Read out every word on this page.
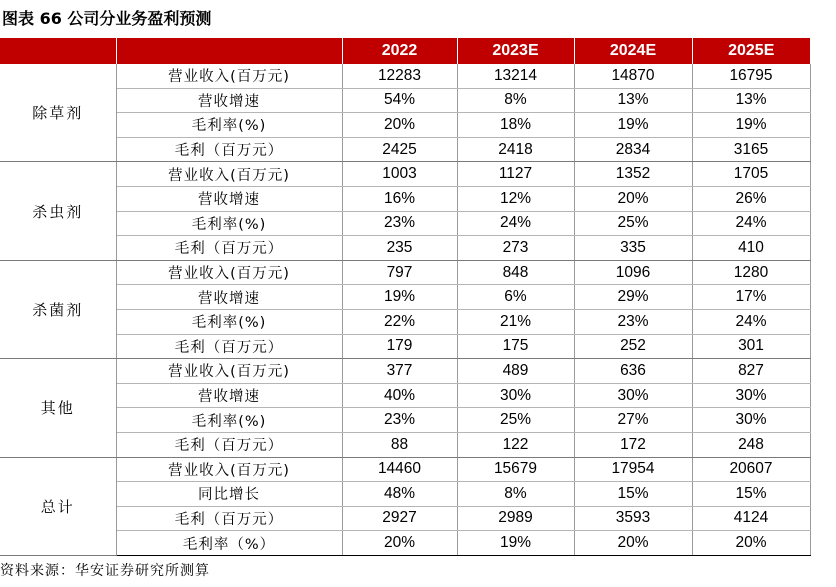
图表 66 公司分业务盈利预测
		2022	2023E	2024E	2025E
除草剂	营业收入(百万元)	12283	13214	14870	16795
	营收增速	54%	8%	13%	13%
	毛利率(%)	20%	18%	19%	19%
	毛利（百万元）	2425	2418	2834	3165
杀虫剂	营业收入(百万元)	1003	1127	1352	1705
	营收增速	16%	12%	20%	26%
	毛利率(%)	23%	24%	25%	24%
	毛利（百万元）	235	273	335	410
杀菌剂	营业收入(百万元)	797	848	1096	1280
	营收增速	19%	6%	29%	17%
	毛利率(%)	22%	21%	23%	24%
	毛利（百万元）	179	175	252	301
其他	营业收入(百万元)	377	489	636	827
	营收增速	40%	30%	30%	30%
	毛利率(%)	23%	25%	27%	30%
	毛利（百万元）	88	122	172	248
总计	营业收入(百万元)	14460	15679	17954	20607
	同比增长	48%	8%	15%	15%
	毛利（百万元）	2927	2989	3593	4124
	毛利率（%）	20%	19%	20%	20%
资料来源：华安证券研究所测算
